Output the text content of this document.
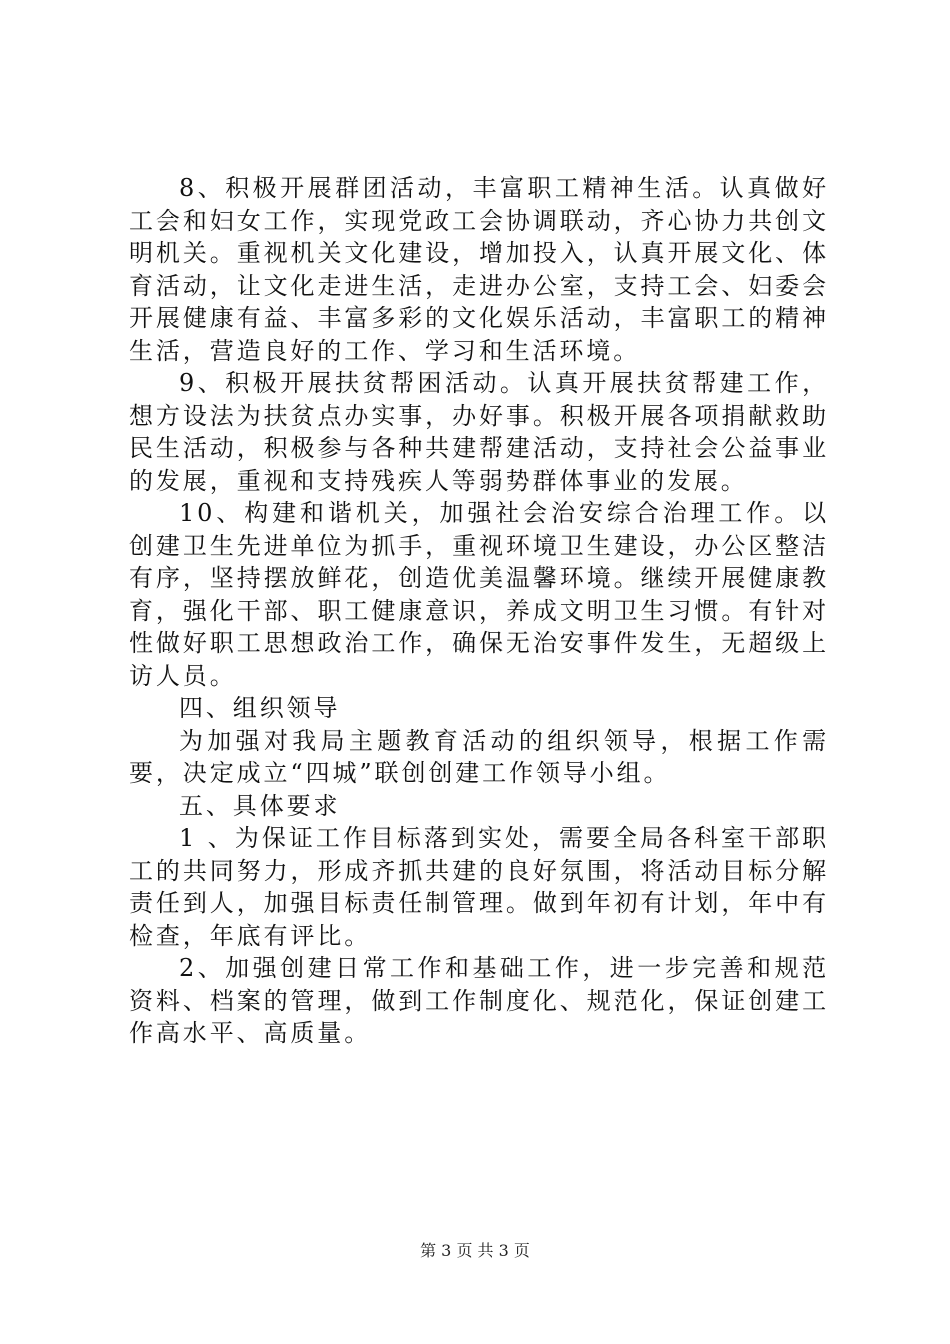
8、积极开展群团活动，丰富职工精神生活。认真做好工会和妇女工作，实现党政工会协调联动，齐心协力共创文明机关。重视机关文化建设，增加投入，认真开展文化、体育活动，让文化走进生活，走进办公室，支持工会、妇委会开展健康有益、丰富多彩的文化娱乐活动，丰富职工的精神生活，营造良好的工作、学习和生活环境。

9、积极开展扶贫帮困活动。认真开展扶贫帮建工作，想方设法为扶贫点办实事，办好事。积极开展各项捐献救助民生活动，积极参与各种共建帮建活动，支持社会公益事业的发展，重视和支持残疾人等弱势群体事业的发展。

10、构建和谐机关，加强社会治安综合治理工作。以创建卫生先进单位为抓手，重视环境卫生建设，办公区整洁有序，坚持摆放鲜花，创造优美温馨环境。继续开展健康教育，强化干部、职工健康意识，养成文明卫生习惯。有针对性做好职工思想政治工作，确保无治安事件发生，无超级上访人员。

四、组织领导

为加强对我局主题教育活动的组织领导，根据工作需要，决定成立“四城”联创创建工作领导小组。

五、具体要求

1 、为保证工作目标落到实处，需要全局各科室干部职工的共同努力，形成齐抓共建的良好氛围，将活动目标分解责任到人，加强目标责任制管理。做到年初有计划，年中有检查，年底有评比。

2、加强创建日常工作和基础工作，进一步完善和规范资料、档案的管理，做到工作制度化、规范化，保证创建工作高水平、高质量。

第 3 页 共 3 页
